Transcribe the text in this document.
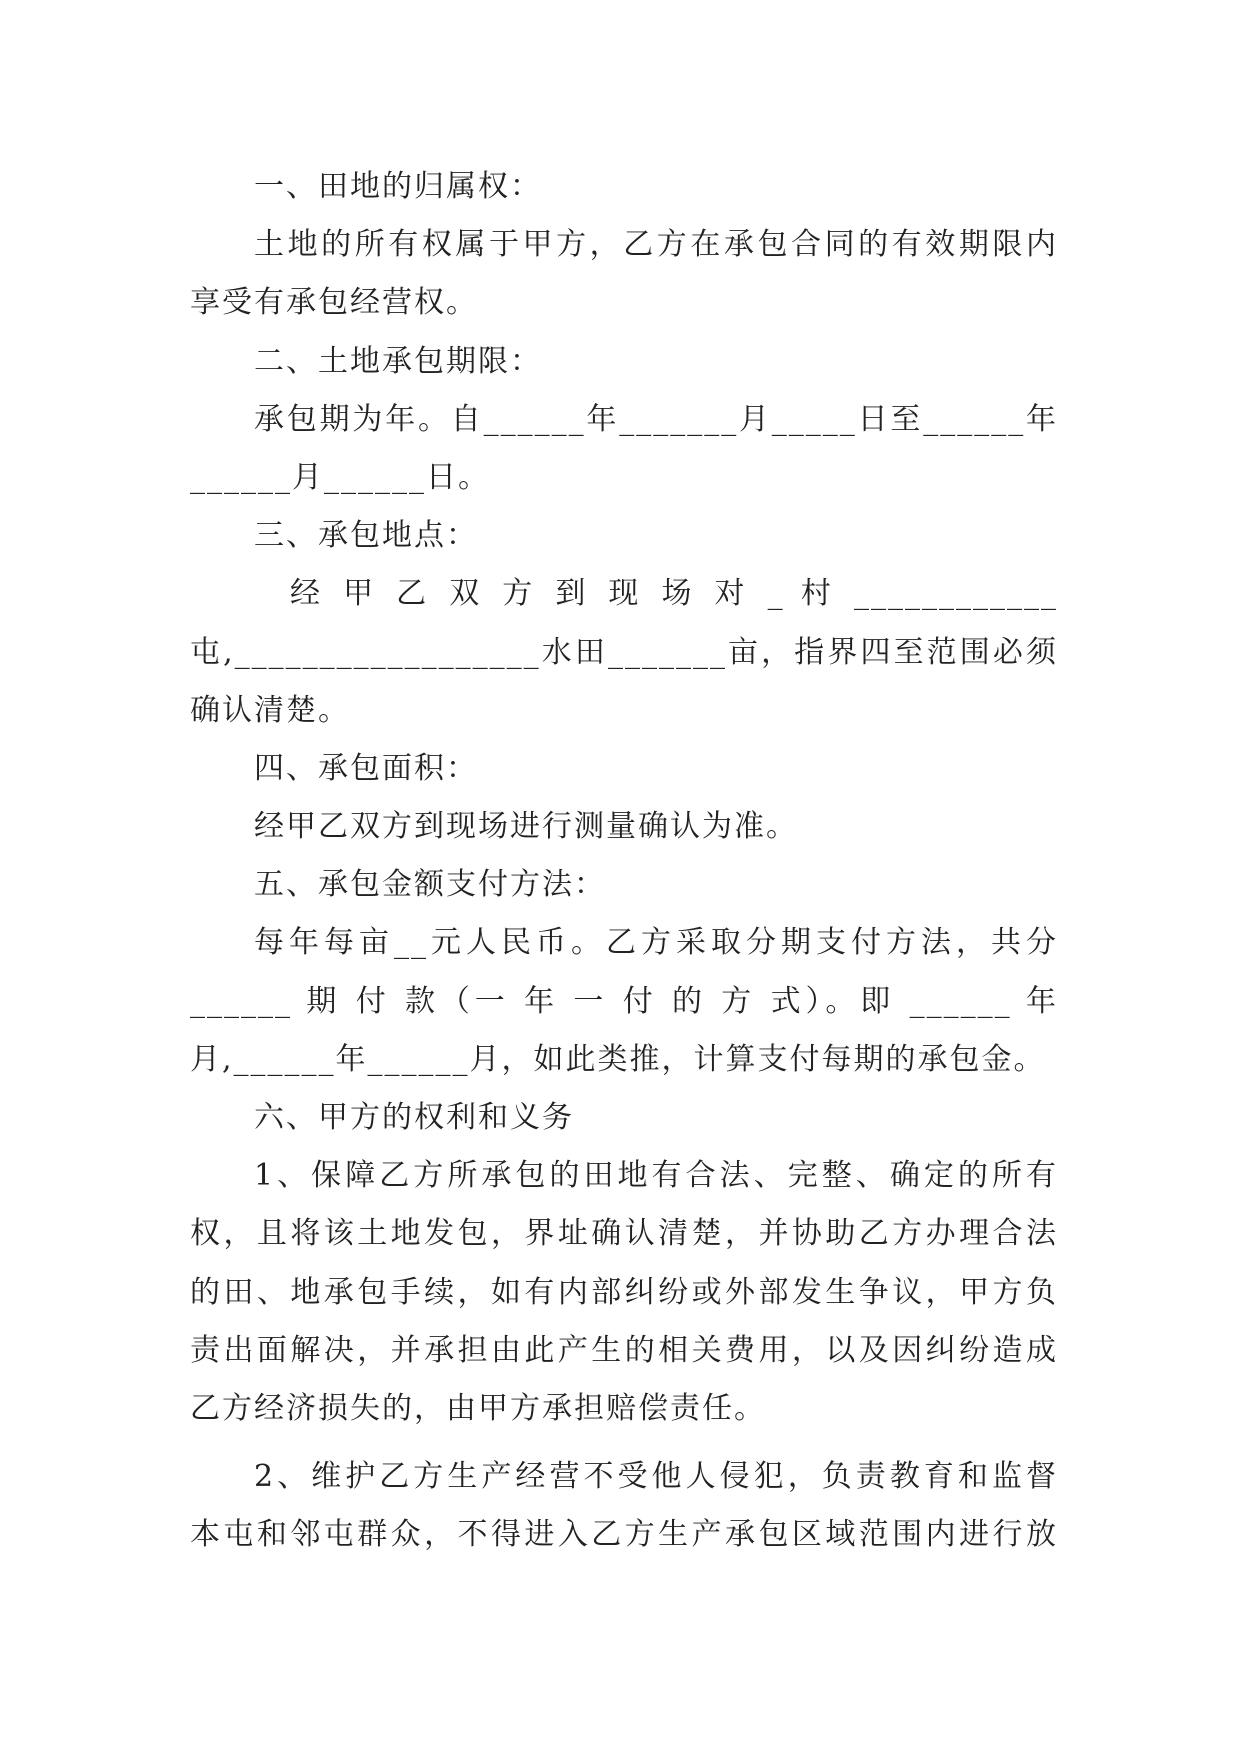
一、田地的归属权：
土地的所有权属于甲方，乙方在承包合同的有效期限内
享受有承包经营权。
二、土地承包期限：
承包期为年。自______年_______月_____日至______年
______月______日。
三、承包地点：
经 甲 乙 双 方 到 现 场 对 _ 村 ____________
屯,__________________水田_______亩，指界四至范围必须
确认清楚。
四、承包面积：
经甲乙双方到现场进行测量确认为准。
五、承包金额支付方法：
每年每亩__元人民币。乙方采取分期支付方法，共分
______ 期 付 款（一 年 一 付 的 方 式）。即 ______ 年
月,______年______月，如此类推，计算支付每期的承包金。
六、甲方的权利和义务
1、保障乙方所承包的田地有合法、完整、确定的所有
权，且将该土地发包，界址确认清楚，并协助乙方办理合法
的田、地承包手续，如有内部纠纷或外部发生争议，甲方负
责出面解决，并承担由此产生的相关费用，以及因纠纷造成
乙方经济损失的，由甲方承担赔偿责任。
2、维护乙方生产经营不受他人侵犯，负责教育和监督
本屯和邻屯群众，不得进入乙方生产承包区域范围内进行放
